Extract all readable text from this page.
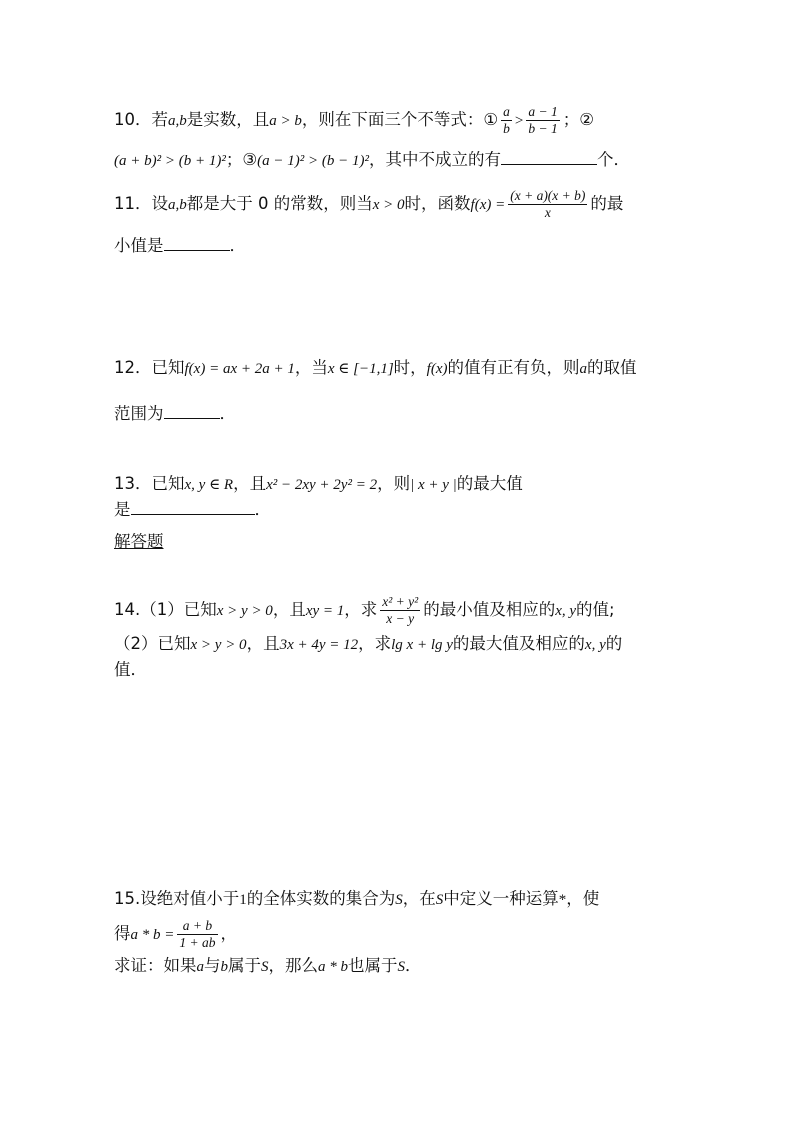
10．若a,b是实数，且a > b，则在下面三个不等式：① $\frac{a}{b} > \frac{a - 1}{b - 1}$ ；②
(a + b)² > (b + 1)²；③(a − 1)² > (b − 1)²，其中不成立的有	个．
11．设a,b都是大于 0 的常数，则当x > 0时，函数$f(x) = \frac{(x + a)(x + b)}{x}$ 的最
小值是	．
12．已知f(x) = ax + 2a + 1，当x ∈ [−1,1]时，f(x)的值有正有负，则a的取值
范围为	．
13．已知x, y ∈ R，且x² − 2xy + 2y² = 2，则| x + y |的最大值
是	．
解答题
14.（1）已知x > y > 0，且xy = 1，求 $\frac{\text{x² + y²}}{x - y}$ 的最小值及相应的x, y的值;
（2）已知x > y > 0，且3x + 4y = 12，求lg x + lg y的最大值及相应的x, y的
值．
15.设绝对值小于1的全体实数的集合为S，在S中定义一种运算*，使
得$a * b = \frac{a + b}{1 + ab}$ ，
求证：如果a与b属于S，那么a * b也属于S．
